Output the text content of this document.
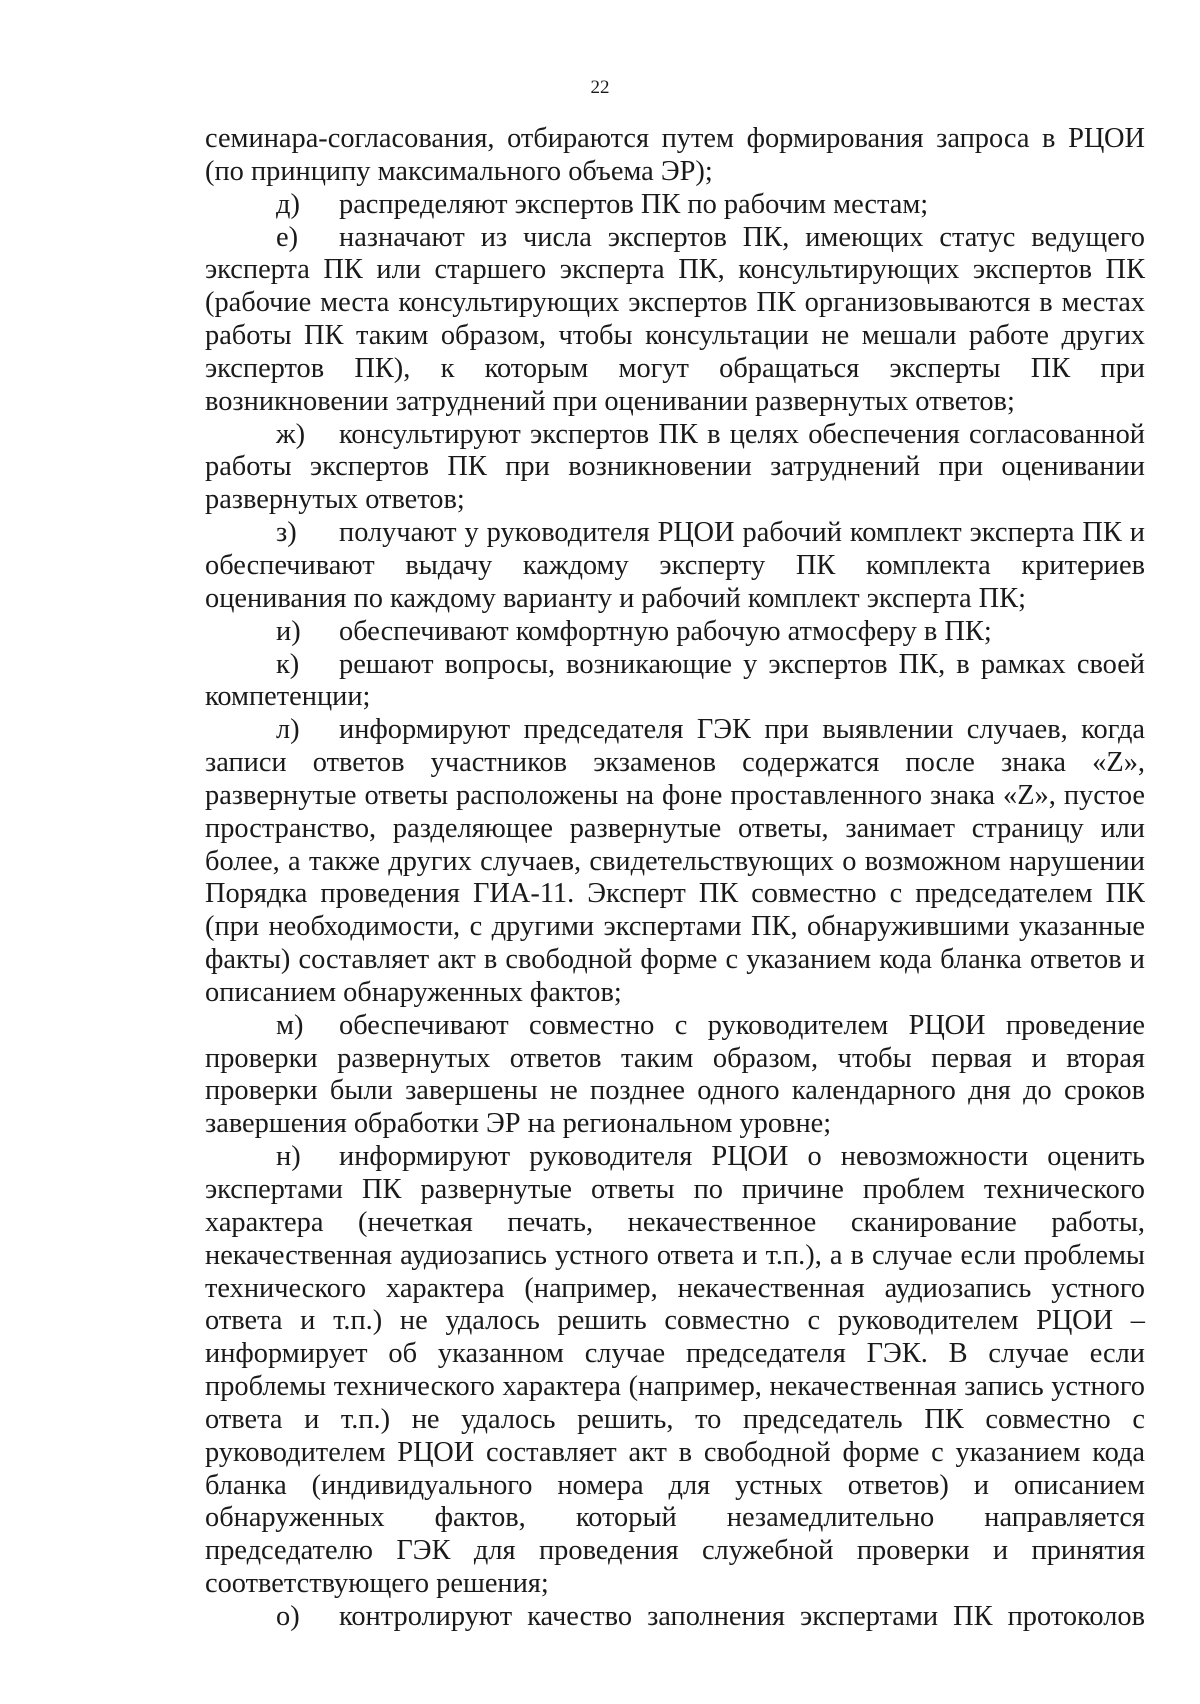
22

семинара-согласования, отбираются путем формирования запроса в РЦОИ (по принципу максимального объема ЭР);

д) распределяют экспертов ПК по рабочим местам;

е) назначают из числа экспертов ПК, имеющих статус ведущего эксперта ПК или старшего эксперта ПК, консультирующих экспертов ПК (рабочие места консультирующих экспертов ПК организовываются в местах работы ПК таким образом, чтобы консультации не мешали работе других экспертов ПК), к которым могут обращаться эксперты ПК при возникновении затруднений при оценивании развернутых ответов;

ж) консультируют экспертов ПК в целях обеспечения согласованной работы экспертов ПК при возникновении затруднений при оценивании развернутых ответов;

з) получают у руководителя РЦОИ рабочий комплект эксперта ПК и обеспечивают выдачу каждому эксперту ПК комплекта критериев оценивания по каждому варианту и рабочий комплект эксперта ПК;

и) обеспечивают комфортную рабочую атмосферу в ПК;

к) решают вопросы, возникающие у экспертов ПК, в рамках своей компетенции;

л) информируют председателя ГЭК при выявлении случаев, когда записи ответов участников экзаменов содержатся после знака «Z», развернутые ответы расположены на фоне проставленного знака «Z», пустое пространство, разделяющее развернутые ответы, занимает страницу или более, а также других случаев, свидетельствующих о возможном нарушении Порядка проведения ГИА-11. Эксперт ПК совместно с председателем ПК (при необходимости, с другими экспертами ПК, обнаружившими указанные факты) составляет акт в свободной форме с указанием кода бланка ответов и описанием обнаруженных фактов;

м) обеспечивают совместно с руководителем РЦОИ проведение проверки развернутых ответов таким образом, чтобы первая и вторая проверки были завершены не позднее одного календарного дня до сроков завершения обработки ЭР на региональном уровне;

н) информируют руководителя РЦОИ о невозможности оценить экспертами ПК развернутые ответы по причине проблем технического характера (нечеткая печать, некачественное сканирование работы, некачественная аудиозапись устного ответа и т.п.), а в случае если проблемы технического характера (например, некачественная аудиозапись устного ответа и т.п.) не удалось решить совместно с руководителем РЦОИ – информирует об указанном случае председателя ГЭК. В случае если проблемы технического характера (например, некачественная запись устного ответа и т.п.) не удалось решить, то председатель ПК совместно с руководителем РЦОИ составляет акт в свободной форме с указанием кода бланка (индивидуального номера для устных ответов) и описанием обнаруженных фактов, который незамедлительно направляется председателю ГЭК для проведения служебной проверки и принятия соответствующего решения;

о) контролируют качество заполнения экспертами ПК протоколов
